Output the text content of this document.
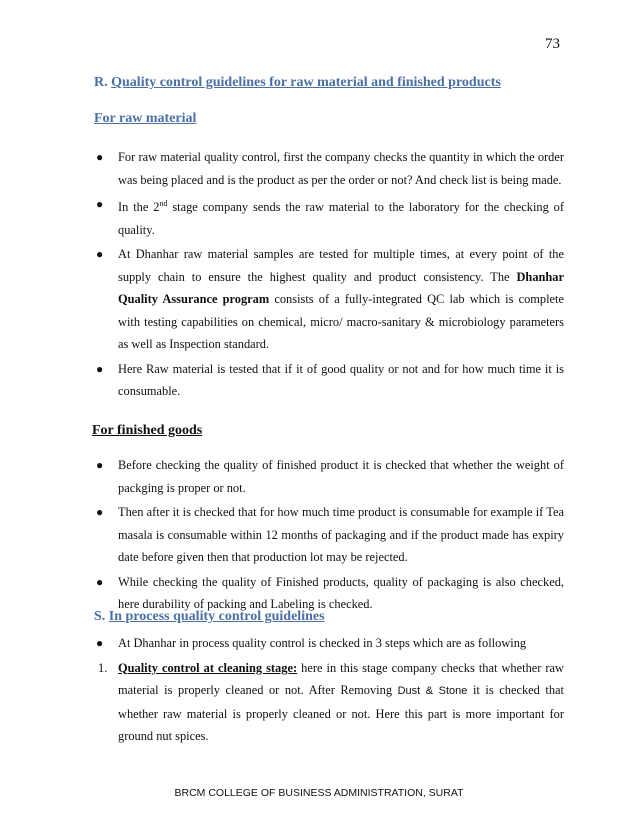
73
R. Quality control guidelines for raw material and finished products
For raw material
● For raw material quality control, first the company checks the quantity in which the order was being placed and is the product as per the order or not? And check list is being made.
● In the 2nd stage company sends the raw material to the laboratory for the checking of quality.
● At Dhanhar raw material samples are tested for multiple times, at every point of the supply chain to ensure the highest quality and product consistency. The Dhanhar Quality Assurance program consists of a fully-integrated QC lab which is complete with testing capabilities on chemical, micro/ macro-sanitary & microbiology parameters as well as Inspection standard.
● Here Raw material is tested that if it of good quality or not and for how much time it is consumable.
For finished goods
● Before checking the quality of finished product it is checked that whether the weight of packging is proper or not.
● Then after it is checked that for how much time product is consumable for example if Tea masala is consumable within 12 months of packaging and if the product made has expiry date before given then that production lot may be rejected.
● While checking the quality of Finished products, quality of packaging is also checked, here durability of packing and Labeling is checked.
S. In process quality control guidelines
● At Dhanhar in process quality control is checked in 3 steps which are as following
1. Quality control at cleaning stage: here in this stage company checks that whether raw material is properly cleaned or not. After Removing Dust & Stone it is checked that whether raw material is properly cleaned or not. Here this part is more important for ground nut spices.
BRCM COLLEGE OF BUSINESS ADMINISTRATION, SURAT
